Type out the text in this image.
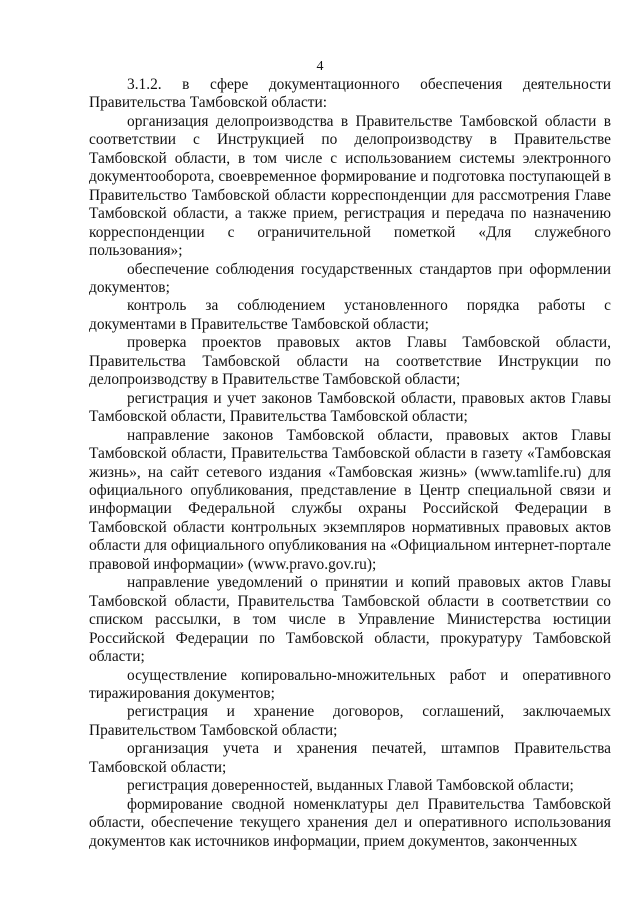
4

3.1.2. в сфере документационного обеспечения деятельности Правительства Тамбовской области:

организация делопроизводства в Правительстве Тамбовской области в соответствии с Инструкцией по делопроизводству в Правительстве Тамбовской области, в том числе с использованием системы электронного документооборота, своевременное формирование и подготовка поступающей в Правительство Тамбовской области корреспонденции для рассмотрения Главе Тамбовской области, а также прием, регистрация и передача по назначению корреспонденции с ограничительной пометкой «Для служебного пользования»;

обеспечение соблюдения государственных стандартов при оформлении документов;

контроль за соблюдением установленного порядка работы с документами в Правительстве Тамбовской области;

проверка проектов правовых актов Главы Тамбовской области, Правительства Тамбовской области на соответствие Инструкции по делопроизводству в Правительстве Тамбовской области;

регистрация и учет законов Тамбовской области, правовых актов Главы Тамбовской области, Правительства Тамбовской области;

направление законов Тамбовской области, правовых актов Главы Тамбовской области, Правительства Тамбовской области в газету «Тамбовская жизнь», на сайт сетевого издания «Тамбовская жизнь» (www.tamlife.ru) для официального опубликования, представление в Центр специальной связи и информации Федеральной службы охраны Российской Федерации в Тамбовской области контрольных экземпляров нормативных правовых актов области для официального опубликования на «Официальном интернет-портале правовой информации» (www.pravo.gov.ru);

направление уведомлений о принятии и копий правовых актов Главы Тамбовской области, Правительства Тамбовской области в соответствии со списком рассылки, в том числе в Управление Министерства юстиции Российской Федерации по Тамбовской области, прокуратуру Тамбовской области;

осуществление копировально-множительных работ и оперативного тиражирования документов;

регистрация и хранение договоров, соглашений, заключаемых Правительством Тамбовской области;

организация учета и хранения печатей, штампов Правительства Тамбовской области;

регистрация доверенностей, выданных Главой Тамбовской области;

формирование сводной номенклатуры дел Правительства Тамбовской области, обеспечение текущего хранения дел и оперативного использования документов как источников информации, прием документов, законченных
